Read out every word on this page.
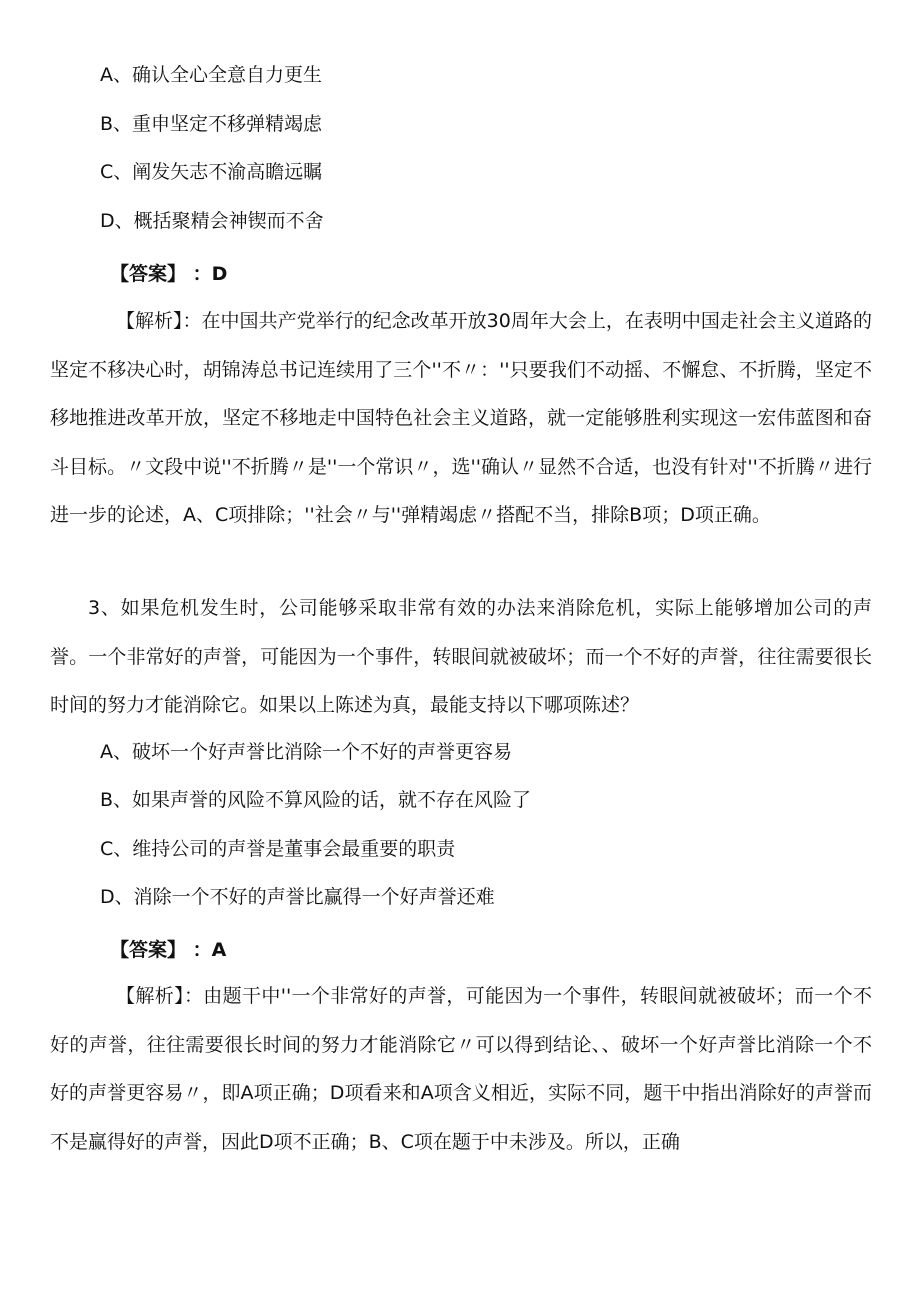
A、确认全心全意自力更生
B、重申坚定不移弹精竭虑
C、阐发矢志不渝高瞻远瞩
D、概括聚精会神锲而不舍
【答案】 ：D

【解析】：在中国共产党举行的纪念改革开放30周年大会上，在表明中国走社会主义道路的坚定不移决心时，胡锦涛总书记连续用了三个''不〃：''只要我们不动摇、不懈怠、不折腾，坚定不移地推进改革开放，坚定不移地走中国特色社会主义道路，就一定能够胜利实现这一宏伟蓝图和奋斗目标。〃文段中说''不折腾〃是''一个常识〃，选''确认〃显然不合适，也没有针对''不折腾〃进行进一步的论述，A、C项排除；''社会〃与''弹精竭虑〃搭配不当，排除B项；D项正确。

3、如果危机发生时，公司能够采取非常有效的办法来消除危机，实际上能够增加公司的声誉。一个非常好的声誉，可能因为一个事件，转眼间就被破坏；而一个不好的声誉，往往需要很长时间的努力才能消除它。如果以上陈述为真，最能支持以下哪项陈述？

A、破坏一个好声誉比消除一个不好的声誉更容易
B、如果声誉的风险不算风险的话，就不存在风险了
C、维持公司的声誉是董事会最重要的职责
D、消除一个不好的声誉比赢得一个好声誉还难
【答案】 ：A

【解析】：由题干中''一个非常好的声誉，可能因为一个事件，转眼间就被破坏；而一个不好的声誉，往往需要很长时间的努力才能消除它〃可以得到结论、、破坏一个好声誉比消除一个不好的声誉更容易〃，即A项正确；D项看来和A项含义相近，实际不同，题干中指出消除好的声誉而不是赢得好的声誉，因此D项不正确；B、C项在题于中未涉及。所以，正确
